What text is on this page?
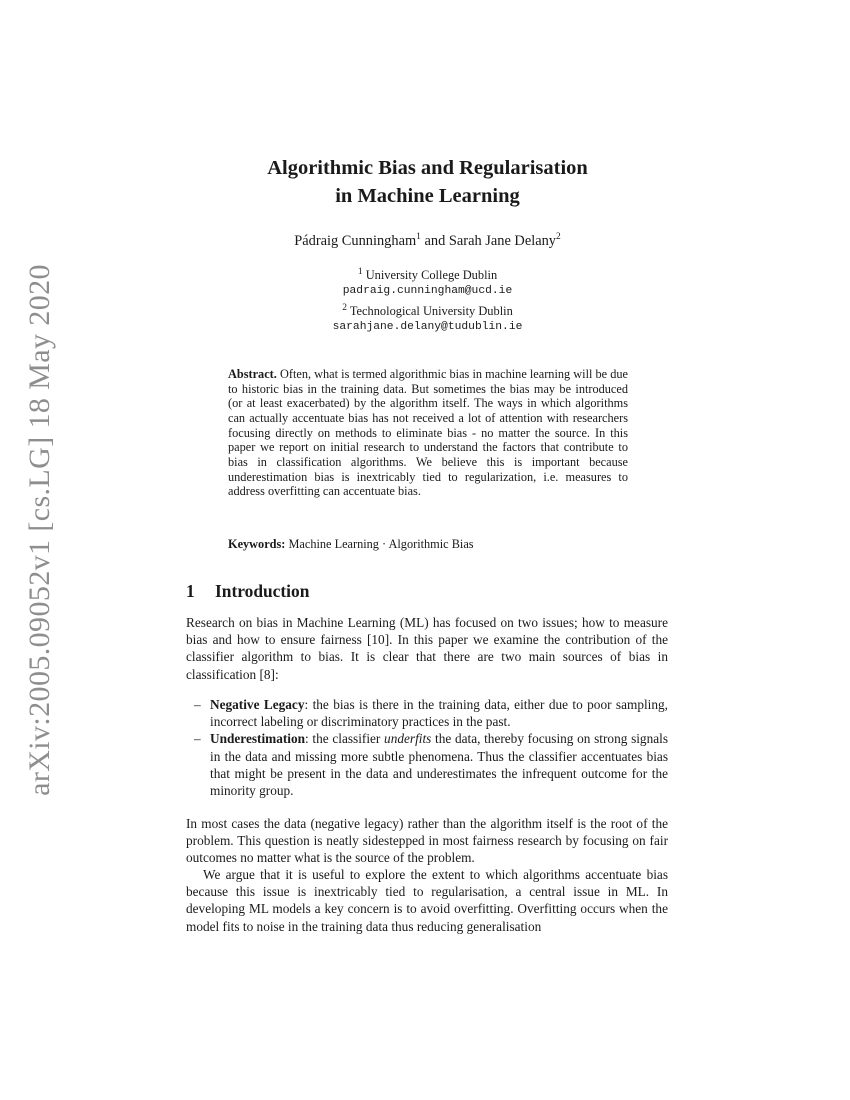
arXiv:2005.09052v1 [cs.LG] 18 May 2020
Algorithmic Bias and Regularisation
in Machine Learning
Pádraig Cunningham$^1$ and Sarah Jane Delany$^2$
$^1$ University College Dublin
padraig.cunningham@ucd.ie
$^2$ Technological University Dublin
sarahjane.delany@tudublin.ie
Abstract. Often, what is termed algorithmic bias in machine learning will be due to historic bias in the training data. But sometimes the bias may be introduced (or at least exacerbated) by the algorithm itself. The ways in which algorithms can actually accentuate bias has not received a lot of attention with researchers focusing directly on methods to eliminate bias - no matter the source. In this paper we report on initial research to understand the factors that contribute to bias in classification algorithms. We believe this is important because underestimation bias is inextricably tied to regularization, i.e. measures to address overfitting can accentuate bias.
Keywords: Machine Learning · Algorithmic Bias
1 Introduction

Research on bias in Machine Learning (ML) has focused on two issues; how to measure bias and how to ensure fairness [10]. In this paper we examine the contribution of the classifier algorithm to bias. It is clear that there are two main sources of bias in classification [8]:

– Negative Legacy: the bias is there in the training data, either due to poor sampling, incorrect labeling or discriminatory practices in the past.

– Underestimation: the classifier underfits the data, thereby focusing on strong signals in the data and missing more subtle phenomena. Thus the classifier accentuates bias that might be present in the data and underestimates the infrequent outcome for the minority group.

In most cases the data (negative legacy) rather than the algorithm itself is the root of the problem. This question is neatly sidestepped in most fairness research by focusing on fair outcomes no matter what is the source of the problem.

We argue that it is useful to explore the extent to which algorithms accentuate bias because this issue is inextricably tied to regularisation, a central issue in ML. In developing ML models a key concern is to avoid overfitting. Overfitting occurs when the model fits to noise in the training data thus reducing generalisation
